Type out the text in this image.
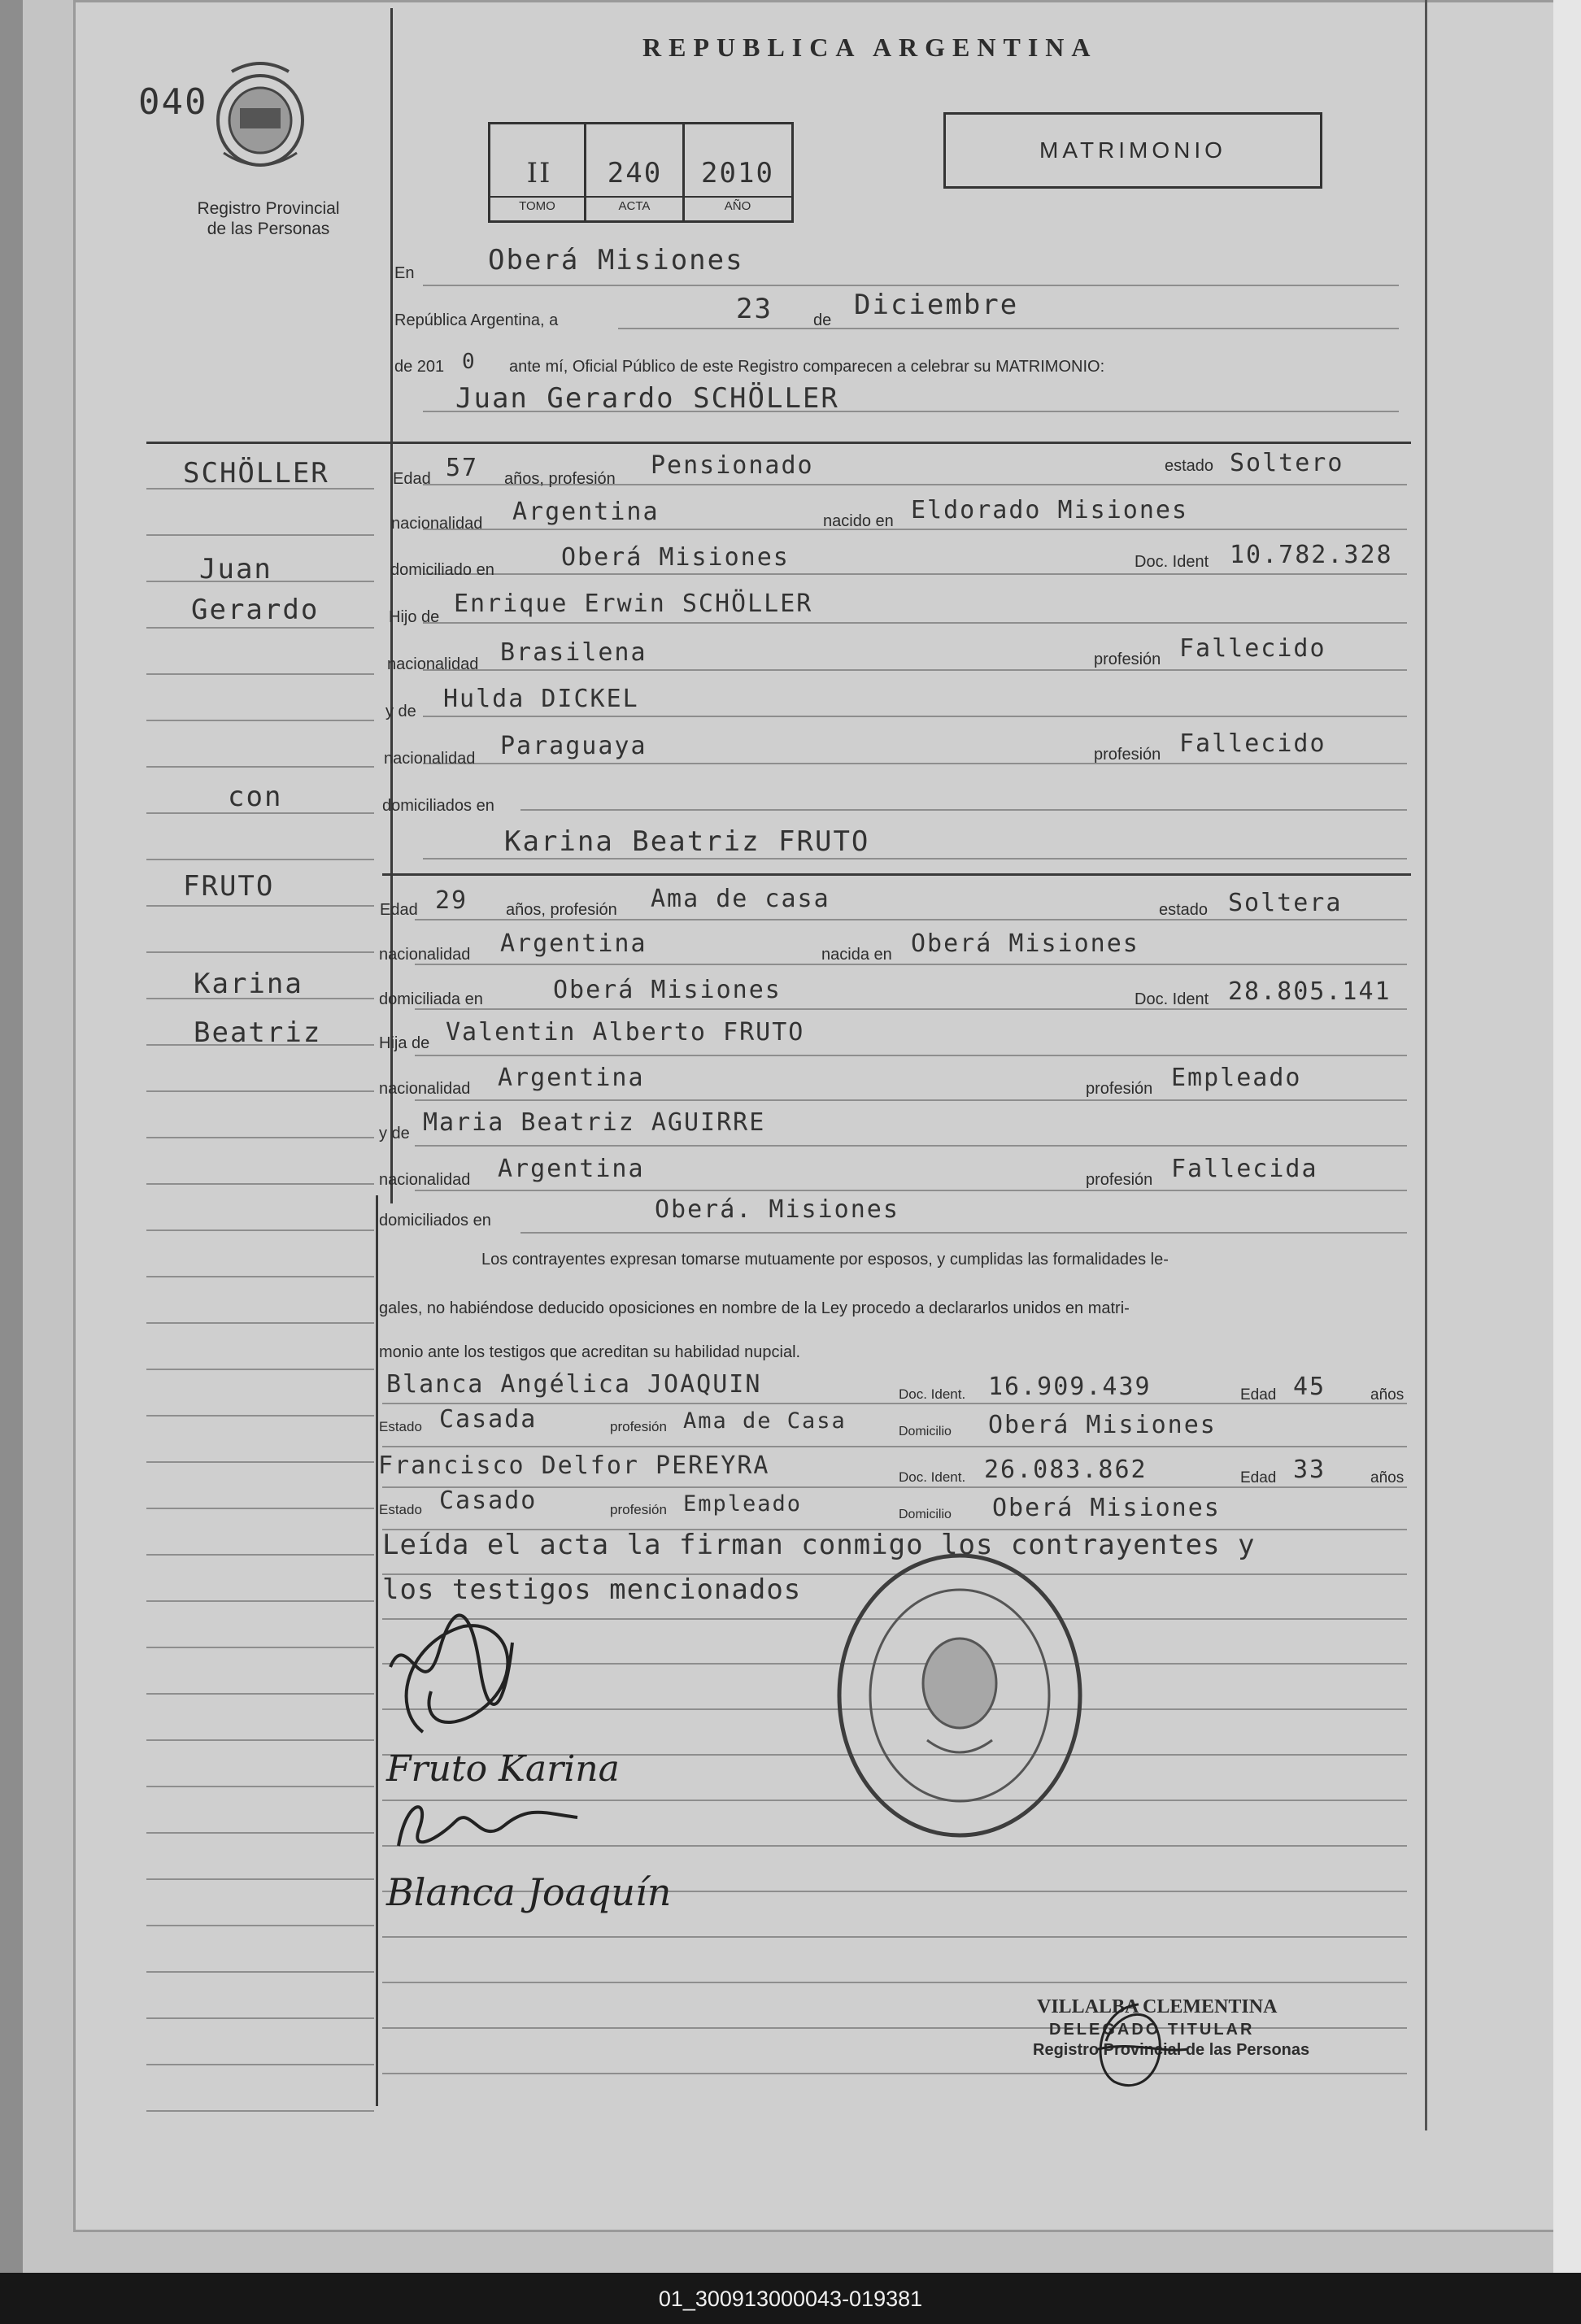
REPUBLICA ARGENTINA
MATRIMONIO
040
Registro Provincial
de las Personas
II	240	2010
TOMO	ACTA	AÑO
En	Oberá Misiones
República Argentina, a	23	de Diciembre
de 201 0 ante mí, Oficial Público de este Registro comparecen a celebrar su MATRIMONIO:
Juan Gerardo SCHÖLLER
SCHÖLLER
Juan
Gerardo
con
FRUTO
Karina
Beatriz
Edad 57 años, profesión Pensionado	estado Soltero
nacionalidad Argentina	nacido en Eldorado Misiones
domiciliado en	Oberá Misiones	Doc. Ident 10.782.328
Hijo de Enrique Erwin SCHÖLLER
nacionalidad Brasilena	profesión Fallecido
y de Hulda DICKEL
nacionalidad Paraguaya	profesión Fallecido
domiciliados en
Karina Beatriz FRUTO
Edad 29 años, profesión Ama de casa	estado Soltera
nacionalidad Argentina	nacida en Oberá Misiones
domiciliada en	Oberá Misiones	Doc. Ident 28.805.141
Hija de Valentin Alberto FRUTO
nacionalidad Argentina	profesión Empleado
y de Maria Beatriz AGUIRRE
nacionalidad Argentina	profesión Fallecida
domiciliados en	Oberá. Misiones
Los contrayentes expresan tomarse mutuamente por esposos, y cumplidas las formalidades le-
gales, no habiéndose deducido oposiciones en nombre de la Ley procedo a declararlos unidos en matri-
monio ante los testigos que acreditan su habilidad nupcial.
Blanca Angélica JOAQUIN	Doc. Ident. 16.909.439	Edad 45	años
Estado Casada	profesión Ama de Casa	Domicilio Oberá Misiones
Francisco Delfor PEREYRA	Doc. Ident. 26.083.862	Edad 33	años
Estado Casado	profesión Empleado	Domicilio Oberá Misiones
Leída el acta la firman conmigo los contrayentes y
los testigos mencionados
Fruto Karina
Blanca Joaquín
VILLALBA CLEMENTINA
DELEGADO TITULAR
Registro Provincial de las Personas
01_300913000043-019381
